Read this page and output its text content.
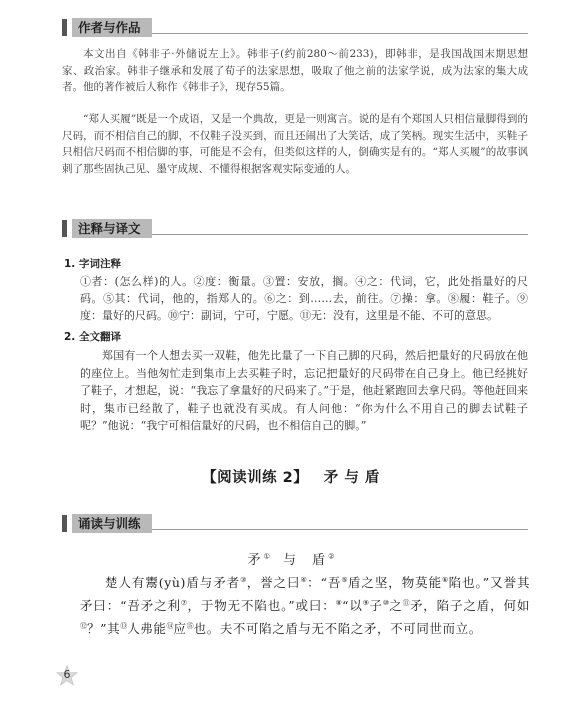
作者与作品

本文出自《韩非子·外储说左上》。韩非子(约前280～前233)，即韩非，是我国战国末期思想家、政治家。韩非子继承和发展了荀子的法家思想，吸取了他之前的法家学说，成为法家的集大成者。他的著作被后人称作《韩非子》，现存55篇。

“郑人买履”既是一个成语，又是一个典故，更是一则寓言。说的是有个郑国人只相信量脚得到的尺码，而不相信自己的脚，不仅鞋子没买到，而且还闹出了大笑话，成了笑柄。现实生活中，买鞋子只相信尺码而不相信脚的事，可能是不会有，但类似这样的人，倒确实是有的。“郑人买履”的故事讽刺了那些固执己见、墨守成规、不懂得根据客观实际变通的人。

注释与译文
1. 字词注释

①者：(怎么样)的人。②度：衡量。③置：安放，搁。④之：代词，它，此处指量好的尺码。⑤其：代词，他的，指郑人的。⑥之：到……去，前往。⑦操：拿。⑧履：鞋子。⑨度：量好的尺码。⑩宁：副词，宁可，宁愿。⑪无：没有，这里是不能、不可的意思。

2. 全文翻译

郑国有一个人想去买一双鞋，他先比量了一下自己脚的尺码，然后把量好的尺码放在他的座位上。当他匆忙走到集市上去买鞋子时，忘记把量好的尺码带在自己身上。他已经挑好了鞋子，才想起，说：“我忘了拿量好的尺码来了。”于是，他赶紧跑回去拿尺码。等他赶回来时，集市已经散了，鞋子也就没有买成。有人问他：“你为什么不用自己的脚去试鞋子呢？”他说：“我宁可相信量好的尺码，也不相信自己的脚。”

【阅读训练 2】 矛 与 盾
诵读与训练
矛① 与 盾②

楚人有鬻(yù)盾与矛者③，誉之曰④：“吾⑤盾之坚，物莫能⑥陷也。”又誉其矛曰：“吾矛之利⑦，于物无不陷也。”或曰：⑧“以⑨子⑩之⑪矛，陷子之盾，何如⑫？”其⑬人弗能⑭应⑮也。夫不可陷之盾与无不陷之矛，不可同世而立。

6
